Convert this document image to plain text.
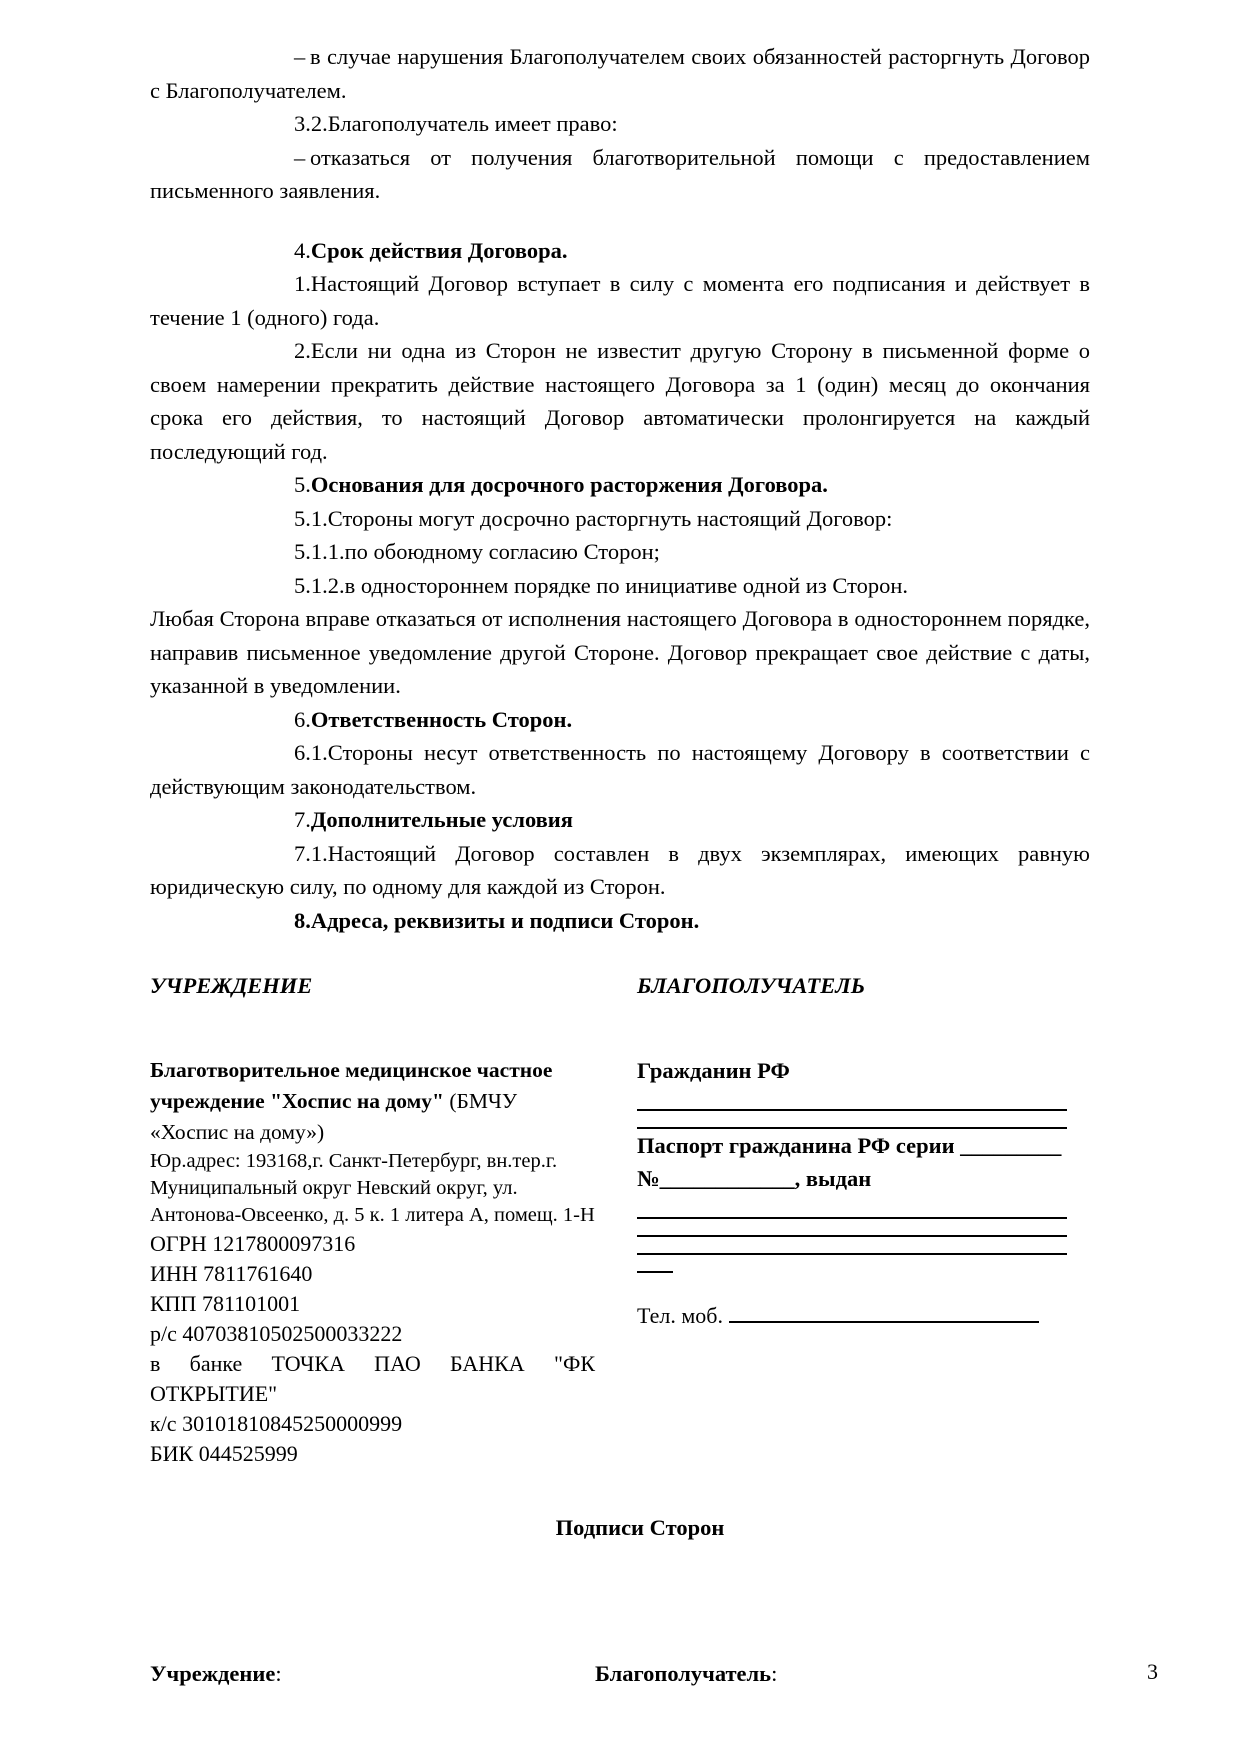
– в случае нарушения Благополучателем своих обязанностей расторгнуть Договор с Благополучателем.

3.2.Благополучатель имеет право:

– отказаться от получения благотворительной помощи с предоставлением письменного заявления.

4.Срок действия Договора.

1.Настоящий Договор вступает в силу с момента его подписания и действует в течение 1 (одного) года.

2.Если ни одна из Сторон не известит другую Сторону в письменной форме о своем намерении прекратить действие настоящего Договора за 1 (один) месяц до окончания срока его действия, то настоящий Договор автоматически пролонгируется на каждый последующий год.

5.Основания для досрочного расторжения Договора.

5.1.Стороны могут досрочно расторгнуть настоящий Договор:

5.1.1.по обоюдному согласию Сторон;

5.1.2.в одностороннем порядке по инициативе одной из Сторон.

Любая Сторона вправе отказаться от исполнения настоящего Договора в одностороннем порядке, направив письменное уведомление другой Стороне. Договор прекращает свое действие с даты, указанной в уведомлении.

6.Ответственность Сторон.

6.1.Стороны несут ответственность по настоящему Договору в соответствии с действующим законодательством.

7.Дополнительные условия

7.1.Настоящий Договор составлен в двух экземплярах, имеющих равную юридическую силу, по одному для каждой из Сторон.

8.Адреса, реквизиты и подписи Сторон.

УЧРЕЖДЕНИЕ	БЛАГОПОЛУЧАТЕЛЬ

Благотворительное медицинское частное учреждение "Хоспис на дому" (БМЧУ «Хоспис на дому»)

Юр.адрес: 193168,г. Санкт-Петербург, вн.тер.г. Муниципальный округ Невский округ, ул. Антонова-Овсеенко, д. 5 к. 1 литера А, помещ. 1-Н

ОГРН 1217800097316

ИНН 7811761640

КПП 781101001

р/с 40703810502500033222

в банке ТОЧКА ПАО БАНКА "ФК ОТКРЫТИЕ"

к/с 30101810845250000999

БИК 044525999

Гражданин РФ

Паспорт гражданина РФ серии _________

№____________, выдан

Тел. моб.

Подписи Сторон

Учреждение:	Благополучатель:	3
